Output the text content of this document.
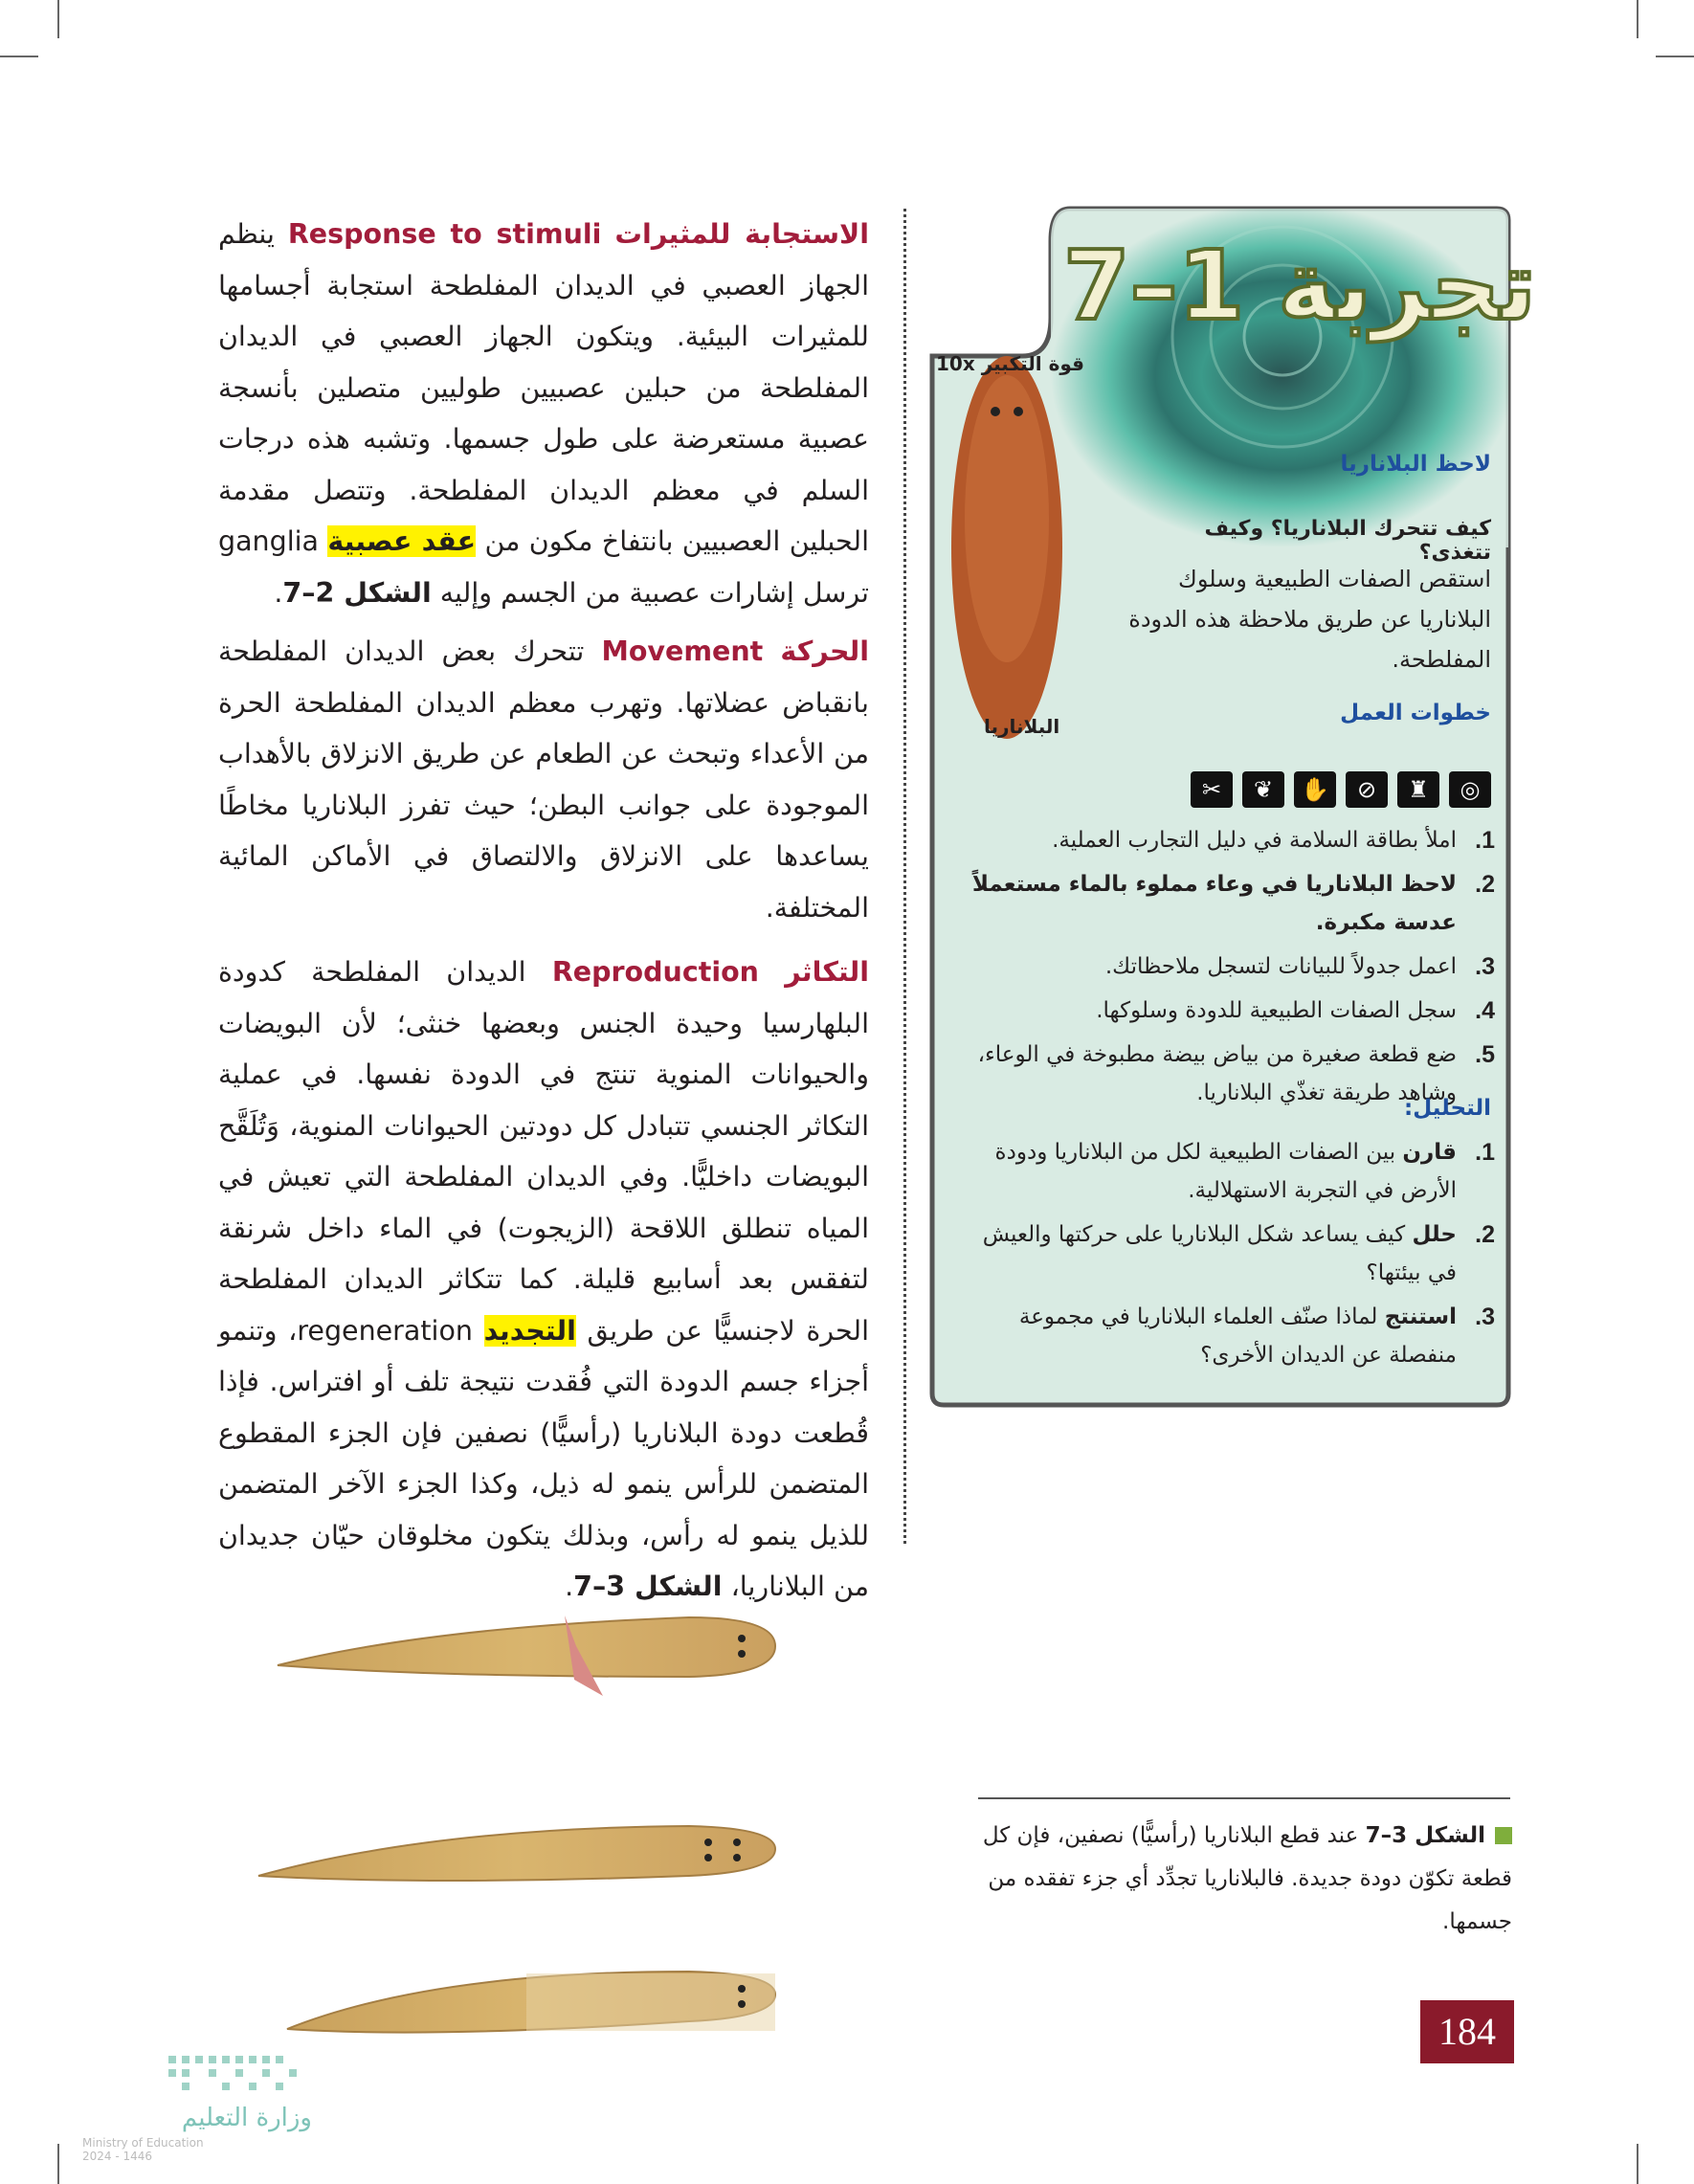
الاستجابة للمثيرات Response to stimuli ينظم الجهاز العصبي في الديدان المفلطحة استجابة أجسامها للمثيرات البيئية. ويتكون الجهاز العصبي في الديدان المفلطحة من حبلين عصبيين طوليين متصلين بأنسجة عصبية مستعرضة على طول جسمها. وتشبه هذه درجات السلم في معظم الديدان المفلطحة. وتتصل مقدمة الحبلين العصبيين بانتفاخ مكون من عقد عصبية ganglia ترسل إشارات عصبية من الجسم وإليه الشكل 2–7.

الحركة Movement تتحرك بعض الديدان المفلطحة بانقباض عضلاتها. وتهرب معظم الديدان المفلطحة الحرة من الأعداء وتبحث عن الطعام عن طريق الانزلاق بالأهداب الموجودة على جوانب البطن؛ حيث تفرز البلاناريا مخاطًا يساعدها على الانزلاق والالتصاق في الأماكن المائية المختلفة.

التكاثر Reproduction الديدان المفلطحة كدودة البلهارسيا وحيدة الجنس وبعضها خنثى؛ لأن البويضات والحيوانات المنوية تنتج في الدودة نفسها. في عملية التكاثر الجنسي تتبادل كل دودتين الحيوانات المنوية، وَتُلَقَّح البويضات داخليًّا. وفي الديدان المفلطحة التي تعيش في المياه تنطلق اللاقحة (الزيجوت) في الماء داخل شرنقة لتفقس بعد أسابيع قليلة. كما تتكاثر الديدان المفلطحة الحرة لاجنسيًّا عن طريق التجديد regeneration، وتنمو أجزاء جسم الدودة التي فُقدت نتيجة تلف أو افتراس. فإذا قُطعت دودة البلاناريا (رأسيًّا) نصفين فإن الجزء المقطوع المتضمن للرأس ينمو له ذيل، وكذا الجزء الآخر المتضمن للذيل ينمو له رأس، وبذلك يتكون مخلوقان حيّان جديدان من البلاناريا، الشكل 3–7.

تجربة 1–7
قوة التكبير 10x
البلاناريا
لاحظ البلاناريا
كيف تتحرك البلاناريا؟ وكيف تتغذى؟
استقص الصفات الطبيعية وسلوك البلاناريا عن طريق ملاحظة هذه الدودة المفلطحة.
خطوات العمل
◎
♜
⊘
✋
❦
✂
1.
املأ بطاقة السلامة في دليل التجارب العملية.
2.
لاحظ البلاناريا في وعاء مملوء بالماء مستعملاً عدسة مكبرة.
3.
اعمل جدولاً للبيانات لتسجل ملاحظاتك.
4.
سجل الصفات الطبيعية للدودة وسلوكها.
5.
ضع قطعة صغيرة من بياض بيضة مطبوخة في الوعاء، وشاهد طريقة تغذّي البلاناريا.
التحليل:
1.
قارن بين الصفات الطبيعية لكل من البلاناريا ودودة الأرض في التجربة الاستهلالية.
2.
حلل كيف يساعد شكل البلاناريا على حركتها والعيش في بيئتها؟
3.
استنتج لماذا صنّف العلماء البلاناريا في مجموعة منفصلة عن الديدان الأخرى؟
الشكل 3–7 عند قطع البلاناريا (رأسيًّا) نصفين، فإن كل قطعة تكوّن دودة جديدة. فالبلاناريا تجدِّد أي جزء تفقده من جسمها.
184
وزارة التعليم
Ministry of Education
2024 - 1446
